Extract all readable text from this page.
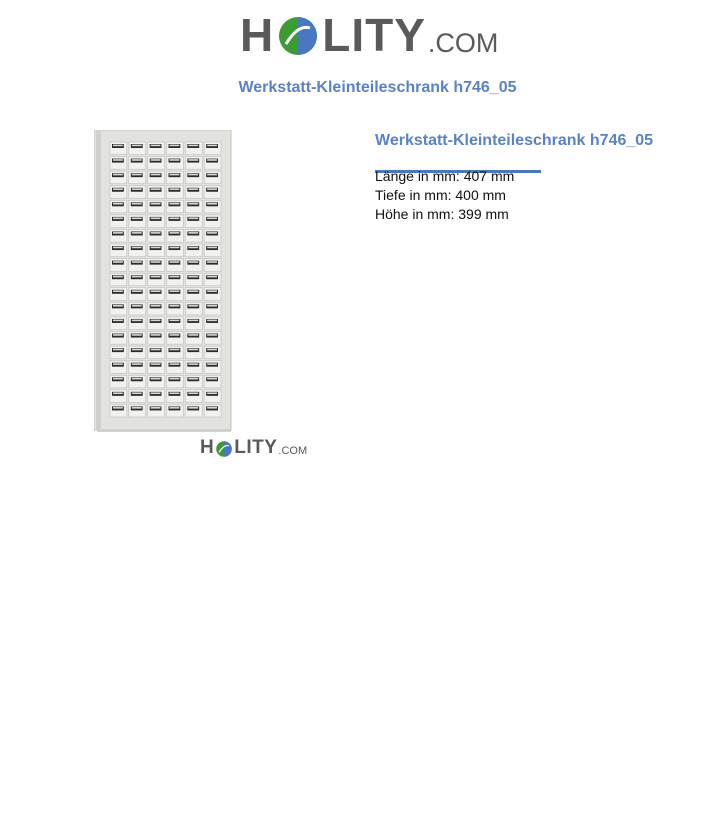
H LITY .COM
Werkstatt-Kleinteileschrank h746_05
H LITY .COM
Werkstatt-Kleinteileschrank h746_05
Länge in mm: 407 mm
Tiefe in mm: 400 mm
Höhe in mm: 399 mm
